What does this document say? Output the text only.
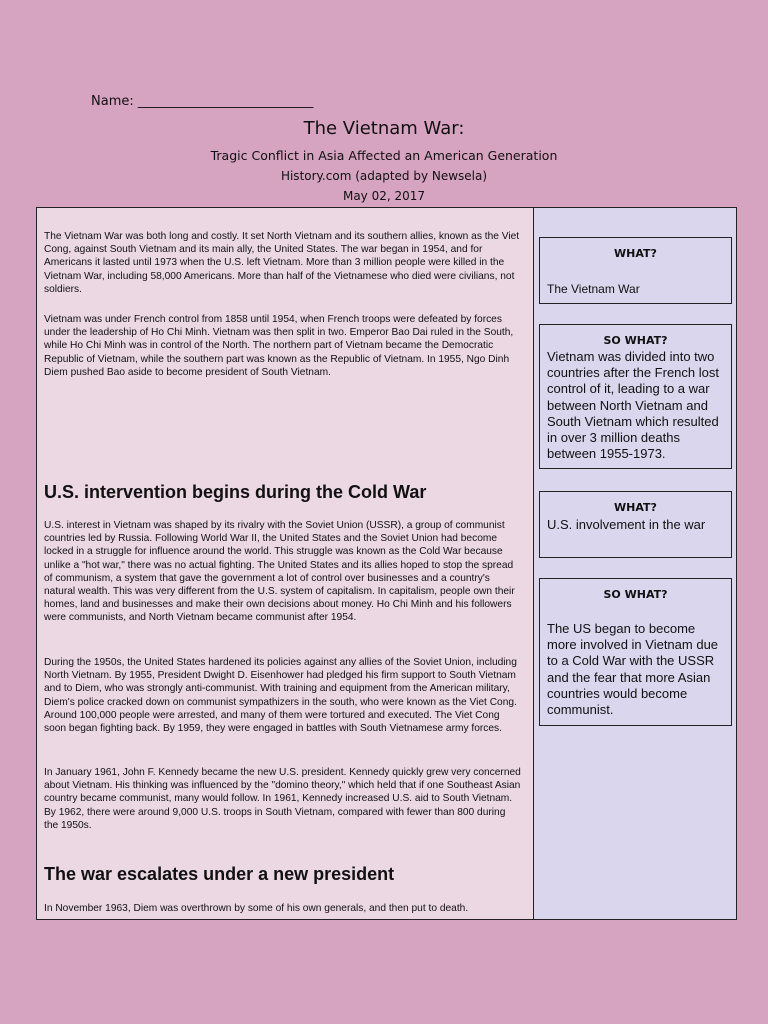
Name: ___________________________
The Vietnam War:
Tragic Conflict in Asia Affected an American Generation
History.com (adapted by Newsela)
May 02, 2017

The Vietnam War was both long and costly. It set North Vietnam and its southern allies, known as the Viet Cong, against South Vietnam and its main ally, the United States. The war began in 1954, and for Americans it lasted until 1973 when the U.S. left Vietnam. More than 3 million people were killed in the Vietnam War, including 58,000 Americans. More than half of the Vietnamese who died were civilians, not soldiers.

Vietnam was under French control from 1858 until 1954, when French troops were defeated by forces under the leadership of Ho Chi Minh. Vietnam was then split in two. Emperor Bao Dai ruled in the South, while Ho Chi Minh was in control of the North. The northern part of Vietnam became the Democratic Republic of Vietnam, while the southern part was known as the Republic of Vietnam. In 1955, Ngo Dinh Diem pushed Bao aside to become president of South Vietnam.

U.S. intervention begins during the Cold War

U.S. interest in Vietnam was shaped by its rivalry with the Soviet Union (USSR), a group of communist countries led by Russia. Following World War II, the United States and the Soviet Union had become locked in a struggle for influence around the world. This struggle was known as the Cold War because unlike a "hot war," there was no actual fighting. The United States and its allies hoped to stop the spread of communism, a system that gave the government a lot of control over businesses and a country's natural wealth. This was very different from the U.S. system of capitalism. In capitalism, people own their homes, land and businesses and make their own decisions about money. Ho Chi Minh and his followers were communists, and North Vietnam became communist after 1954.

During the 1950s, the United States hardened its policies against any allies of the Soviet Union, including North Vietnam. By 1955, President Dwight D. Eisenhower had pledged his firm support to South Vietnam and to Diem, who was strongly anti-communist. With training and equipment from the American military, Diem's police cracked down on communist sympathizers in the south, who were known as the Viet Cong. Around 100,000 people were arrested, and many of them were tortured and executed. The Viet Cong soon began fighting back. By 1959, they were engaged in battles with South Vietnamese army forces.

In January 1961, John F. Kennedy became the new U.S. president. Kennedy quickly grew very concerned about Vietnam. His thinking was influenced by the "domino theory," which held that if one Southeast Asian country became communist, many would follow. In 1961, Kennedy increased U.S. aid to South Vietnam. By 1962, there were around 9,000 U.S. troops in South Vietnam, compared with fewer than 800 during the 1950s.

The war escalates under a new president

In November 1963, Diem was overthrown by some of his own generals, and then put to death.

WHAT?
The Vietnam War
SO WHAT?
Vietnam was divided into two countries after the French lost control of it, leading to a war between North Vietnam and South Vietnam which resulted in over 3 million deaths between 1955-1973.
WHAT?
U.S. involvement in the war
SO WHAT?
The US began to become more involved in Vietnam due to a Cold War with the USSR and the fear that more Asian countries would become communist.
